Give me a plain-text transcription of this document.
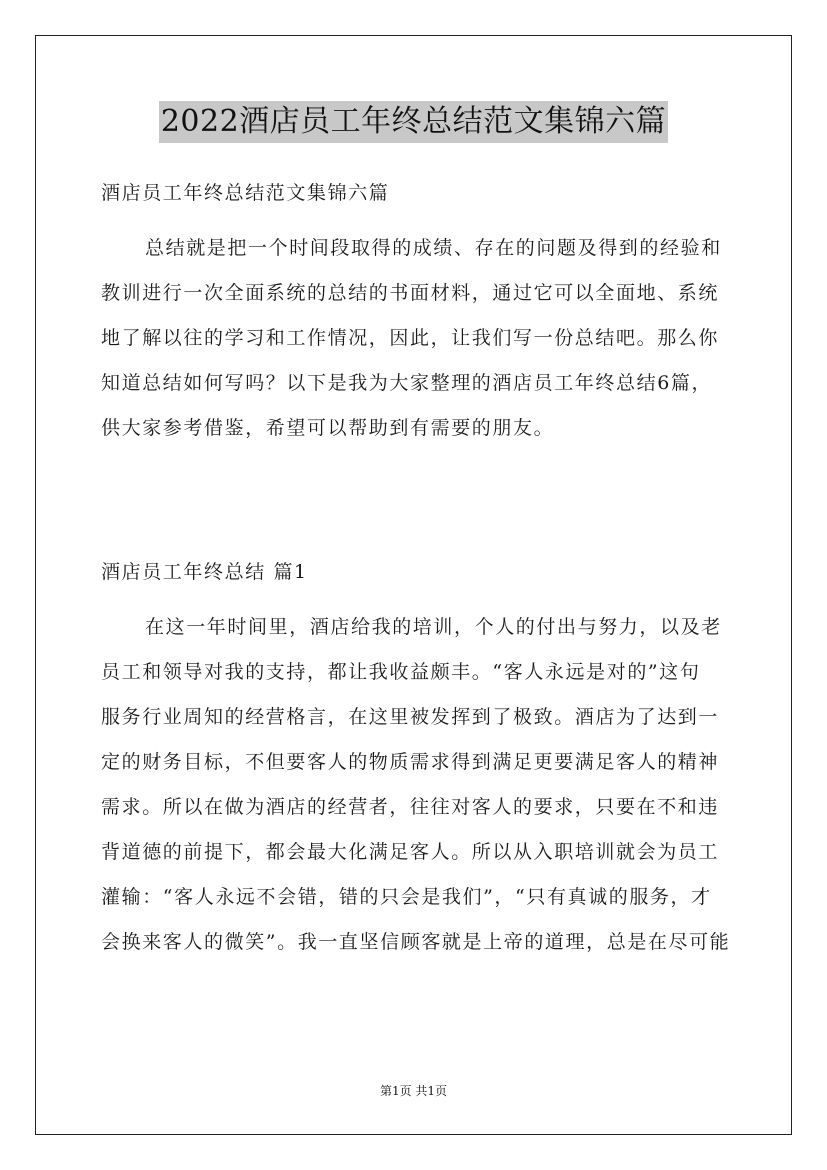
2022酒店员工年终总结范文集锦六篇
酒店员工年终总结范文集锦六篇
总结就是把一个时间段取得的成绩、存在的问题及得到的经验和
教训进行一次全面系统的总结的书面材料，通过它可以全面地、系统
地了解以往的学习和工作情况，因此，让我们写一份总结吧。那么你
知道总结如何写吗？以下是我为大家整理的酒店员工年终总结6篇，
供大家参考借鉴，希望可以帮助到有需要的朋友。
酒店员工年终总结 篇1
在这一年时间里，酒店给我的培训，个人的付出与努力，以及老
员工和领导对我的支持，都让我收益颇丰。“客人永远是对的”这句
服务行业周知的经营格言，在这里被发挥到了极致。酒店为了达到一
定的财务目标，不但要客人的物质需求得到满足更要满足客人的精神
需求。所以在做为酒店的经营者，往往对客人的要求，只要在不和违
背道德的前提下，都会最大化满足客人。所以从入职培训就会为员工
灌输：“客人永远不会错，错的只会是我们”，“只有真诚的服务，才
会换来客人的微笑”。我一直坚信顾客就是上帝的道理，总是在尽可能
第1页 共1页
